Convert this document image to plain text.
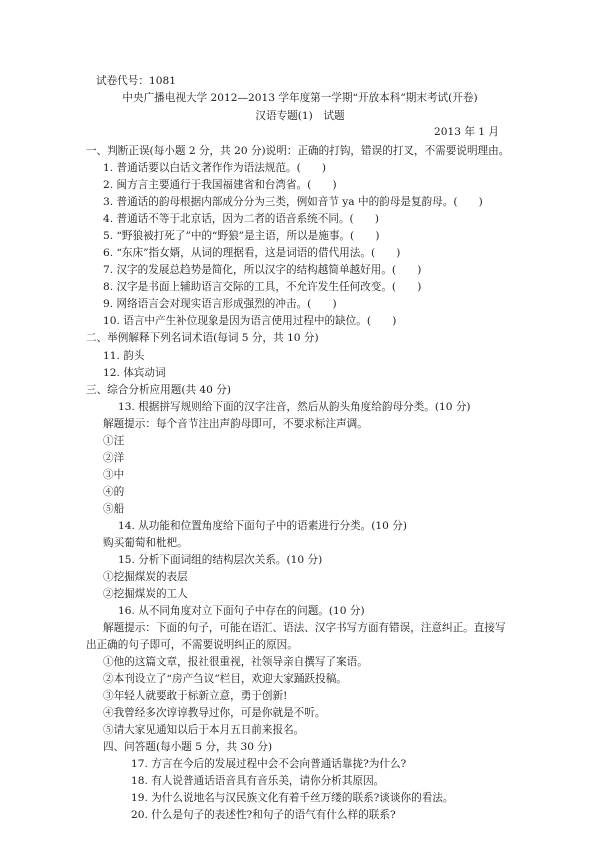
试卷代号：1081
中央广播电视大学 2012—2013 学年度第一学期“开放本科”期末考试(开卷)
汉语专题(1)　试题
2013 年 1 月
一、判断正误(每小题 2 分，共 20 分)说明：正确的打钩，错误的打叉，不需要说明理由。
1. 普通话要以白话文著作作为语法规范。(　　)
2. 闽方言主要通行于我国福建省和台湾省。(　　)
3. 普通话的韵母根据内部成分分为三类，例如音节 ya 中的韵母是复韵母。(　　)
4. 普通话不等于北京话，因为二者的语音系统不同。(　　)
5. “野狼被打死了”中的“野狼”是主语，所以是施事。(　　)
6. “东床”指女婿，从词的理据看，这是词语的借代用法。(　　)
7. 汉字的发展总趋势是简化，所以汉字的结构越简单越好用。(　　)
8. 汉字是书面上辅助语言交际的工具，不允许发生任何改变。(　　)
9. 网络语言会对现实语言形成强烈的冲击。(　　)
10. 语言中产生补位现象是因为语言使用过程中的缺位。(　　)
二、举例解释下列名词术语(每词 5 分，共 10 分)
11. 韵头
12. 体宾动词
三、综合分析应用题(共 40 分)
13. 根据拼写规则给下面的汉字注音，然后从韵头角度给韵母分类。(10 分)
解题提示：每个音节注出声韵母即可，不要求标注声调。
①汪
②洋
③中
④的
⑤船
14. 从功能和位置角度给下面句子中的语素进行分类。(10 分)
购买葡萄和枇杷。
15. 分析下面词组的结构层次关系。(10 分)
①挖掘煤炭的表层
②挖掘煤炭的工人
16. 从不同角度对立下面句子中存在的问题。(10 分)
解题提示：下面的句子，可能在语汇、语法、汉字书写方面有错误，注意纠正。直接写
出正确的句子即可，不需要说明纠正的原因。
①他的这篇文章，报社很重视，社领导亲自撰写了案语。
②本刊设立了“房产刍议”栏目，欢迎大家踊跃投稿。
③年轻人就要敢于标新立意，勇于创新!
④我曾经多次谆谆教导过你，可是你就是不听。
⑤请大家见通知以后于本月五日前来报名。
四、问答题(每小题 5 分，共 30 分)
17. 方言在今后的发展过程中会不会向普通话靠拢?为什么?
18. 有人说普通话语音具有音乐美，请你分析其原因。
19. 为什么说地名与汉民族文化有着千丝万缕的联系?谈谈你的看法。
20. 什么是句子的表述性?和句子的语气有什么样的联系?
